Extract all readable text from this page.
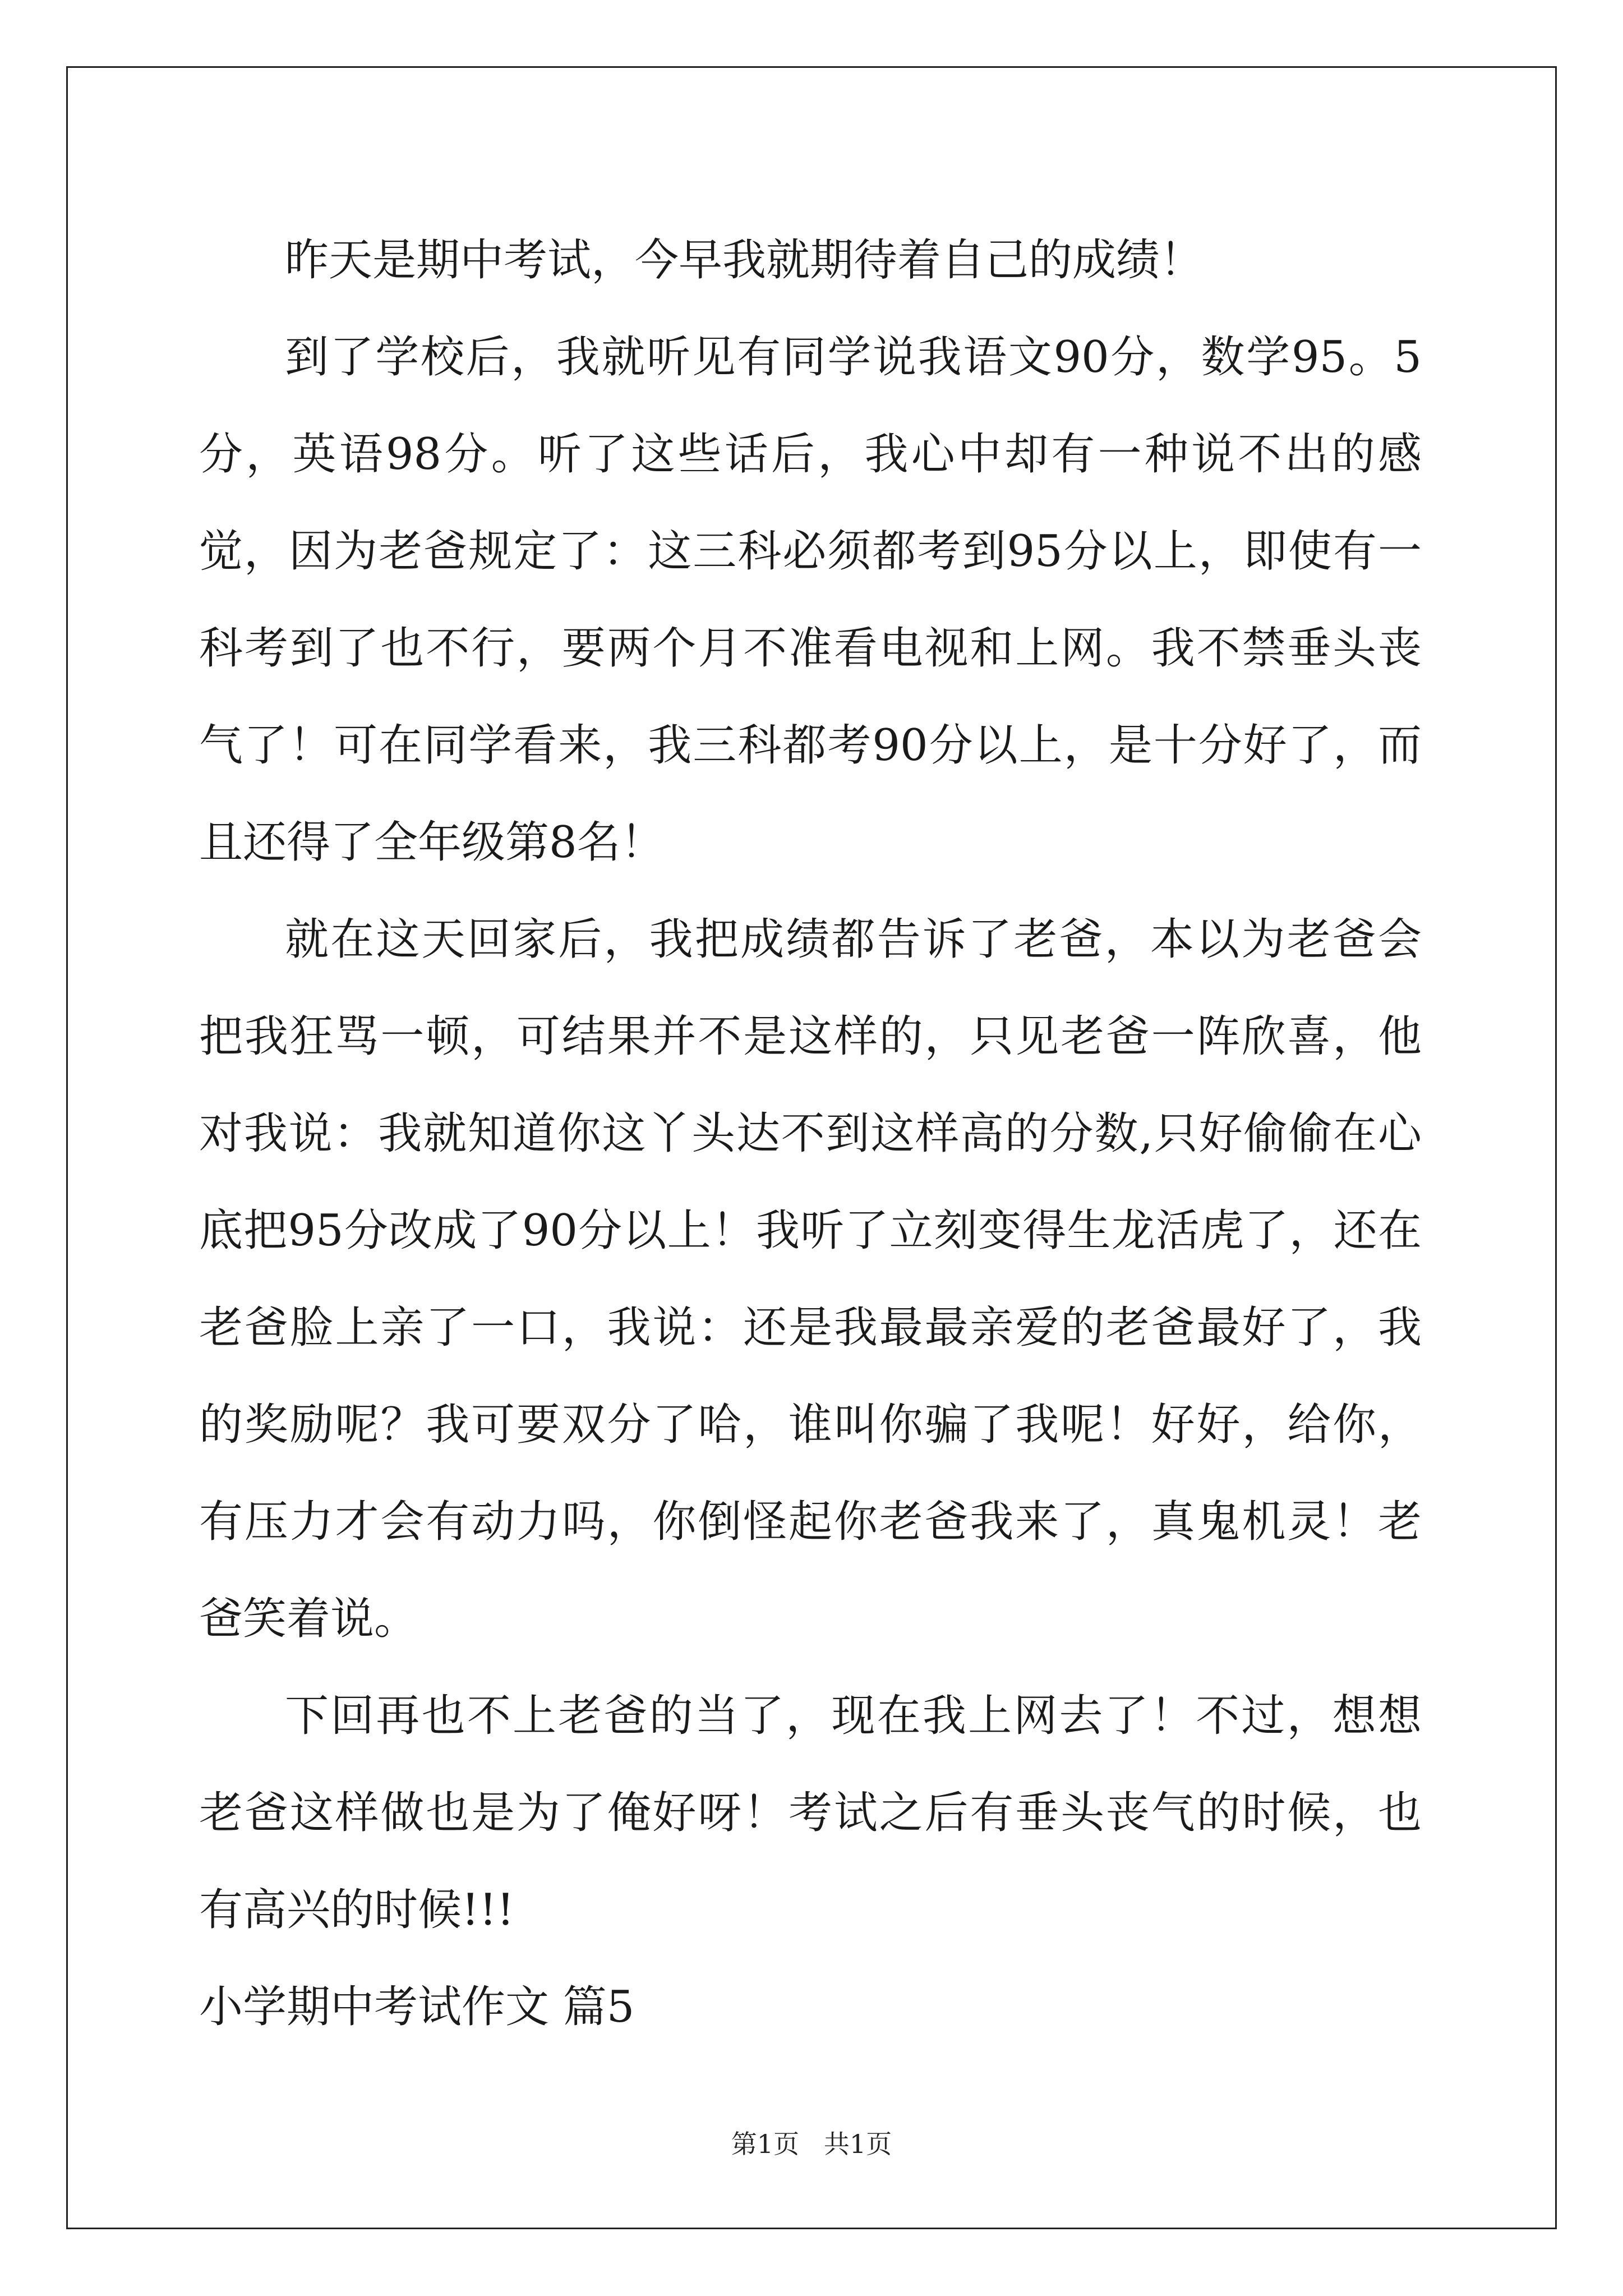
昨天是期中考试，今早我就期待着自己的成绩！

到了学校后，我就听见有同学说我语文90分，数学95。5分，英语98分。听了这些话后，我心中却有一种说不出的感觉，因为老爸规定了：这三科必须都考到95分以上，即使有一科考到了也不行，要两个月不准看电视和上网。我不禁垂头丧气了！可在同学看来，我三科都考90分以上，是十分好了，而且还得了全年级第8名！

就在这天回家后，我把成绩都告诉了老爸，本以为老爸会把我狂骂一顿，可结果并不是这样的，只见老爸一阵欣喜，他对我说：我就知道你这丫头达不到这样高的分数,只好偷偷在心底把95分改成了90分以上！我听了立刻变得生龙活虎了，还在老爸脸上亲了一口，我说：还是我最最亲爱的老爸最好了，我的奖励呢？我可要双分了哈，谁叫你骗了我呢！好好，给你，有压力才会有动力吗，你倒怪起你老爸我来了，真鬼机灵！老爸笑着说。

下回再也不上老爸的当了，现在我上网去了！不过，想想老爸这样做也是为了俺好呀！考试之后有垂头丧气的时候，也有高兴的时候!!!

小学期中考试作文 篇5

第1页   共1页
